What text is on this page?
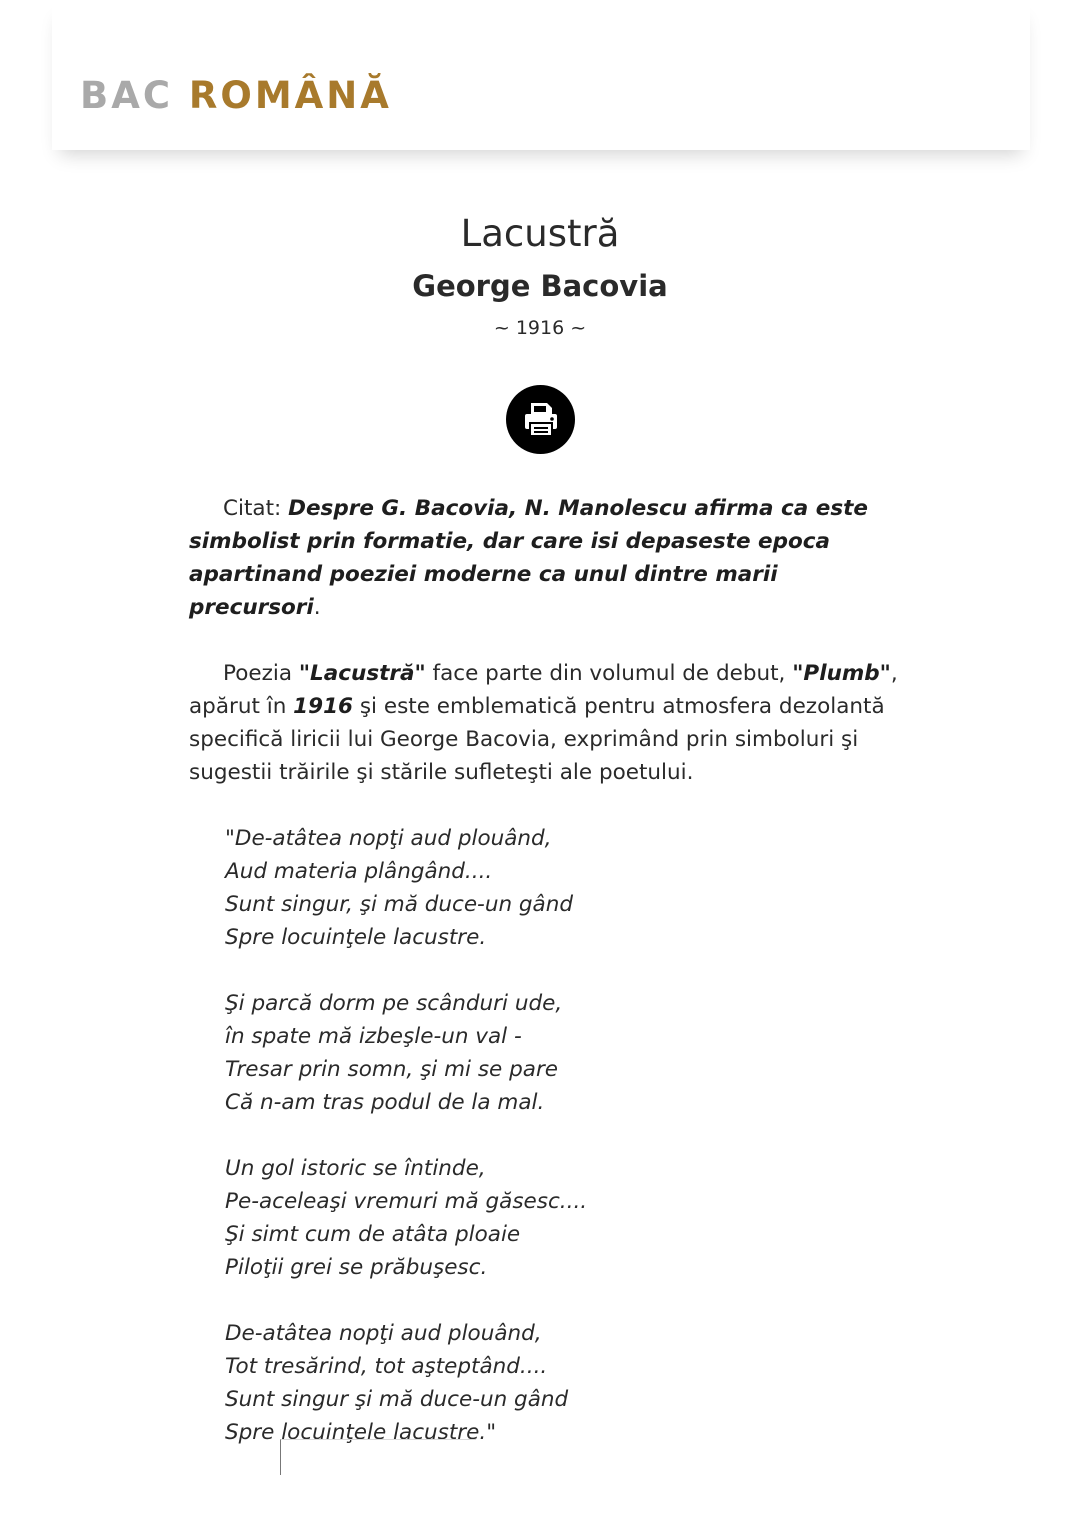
BAC ROMÂNĂ
Lacustră
George Bacovia
~ 1916 ~

Citat: Despre G. Bacovia, N. Manolescu afirma ca este simbolist prin formatie, dar care isi depaseste epoca apartinand poeziei moderne ca unul dintre marii precursori.

Poezia "Lacustră" face parte din volumul de debut, "Plumb", apărut în 1916 şi este emblematică pentru atmosfera dezolantă specifică liricii lui George Bacovia, exprimând prin simboluri şi sugestii trăirile şi stările sufleteşti ale poetului.

"De-atâtea nopţi aud plouând,
Aud materia plângând....
Sunt singur, şi mă duce-un gând
Spre locuinţele lacustre.
Şi parcă dorm pe scânduri ude,
în spate mă izbeşle-un val -
Tresar prin somn, şi mi se pare
Că n-am tras podul de la mal.
Un gol istoric se întinde,
Pe-aceleaşi vremuri mă găsesc....
Şi simt cum de atâta ploaie
Piloţii grei se prăbuşesc.
De-atâtea nopţi aud plouând,
Tot tresărind, tot aşteptând....
Sunt singur şi mă duce-un gând
Spre locuinţele lacustre."
